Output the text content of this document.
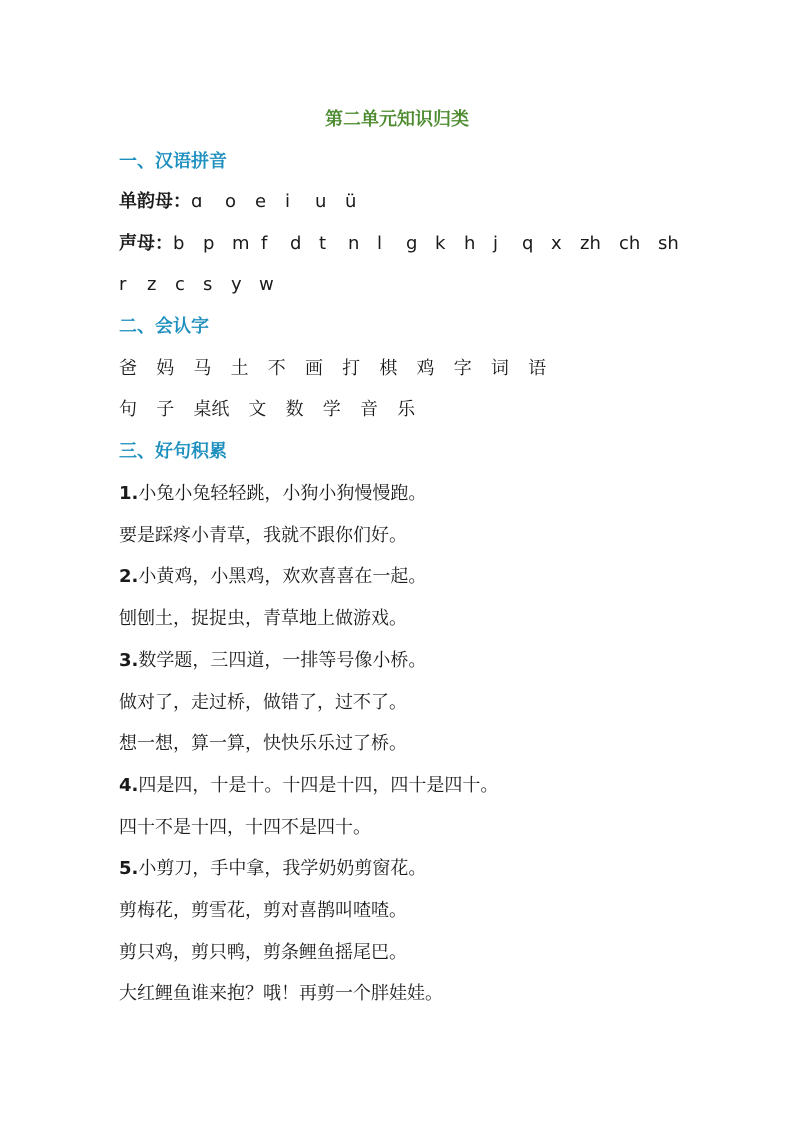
第二单元知识归类
一、汉语拼音
单韵母： ɑ	o	e	i	u	ü
声母： b	p m f	d t	n l	g k	h j	q x	zh	ch sh
r	z	c	s	y w
二、会认字
爸 妈 马 土 不 画 打 棋 鸡 字 词 语
句 子 桌纸 文 数 学 音 乐
三、好句积累
1.小兔小兔轻轻跳，小狗小狗慢慢跑。
要是踩疼小青草，我就不跟你们好。
2.小黄鸡，小黑鸡，欢欢喜喜在一起。
刨刨土，捉捉虫，青草地上做游戏。
3.数学题，三四道，一排等号像小桥。
做对了，走过桥，做错了，过不了。
想一想，算一算，快快乐乐过了桥。
4.四是四，十是十。十四是十四，四十是四十。
四十不是十四，十四不是四十。
5.小剪刀，手中拿，我学奶奶剪窗花。
剪梅花，剪雪花，剪对喜鹊叫喳喳。
剪只鸡，剪只鸭，剪条鲤鱼摇尾巴。
大红鲤鱼谁来抱？哦！再剪一个胖娃娃。
